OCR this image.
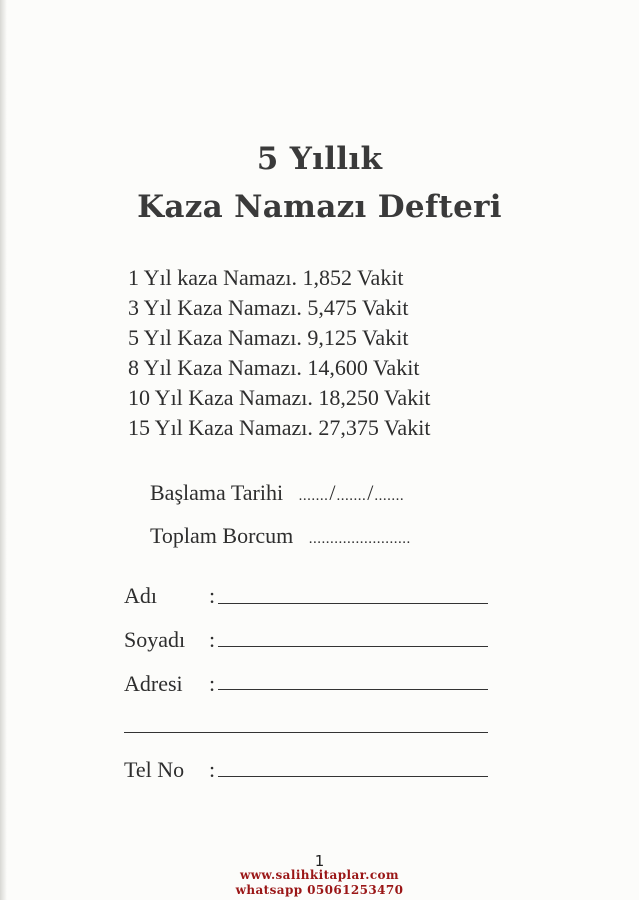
5 Yıllık
Kaza Namazı Defteri
1 Yıl kaza Namazı. 1,852 Vakit
3 Yıl Kaza Namazı. 5,475 Vakit
5 Yıl Kaza Namazı. 9,125 Vakit
8 Yıl Kaza Namazı. 14,600 Vakit
10 Yıl Kaza Namazı. 18,250 Vakit
15 Yıl Kaza Namazı. 27,375 Vakit
Başlama Tarihi ......./......./.......
Toplam Borcum ........................
Adı :
Soyadı :
Adresi :
Tel No :
1
www.salihkitaplar.com
whatsapp 05061253470
